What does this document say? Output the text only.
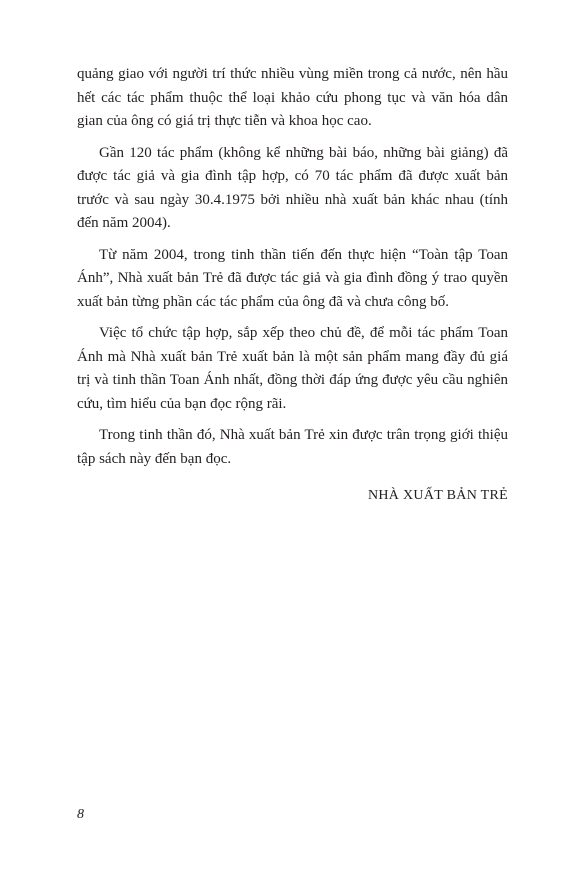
quảng giao với người trí thức nhiều vùng miền trong cả nước, nên hầu hết các tác phẩm thuộc thể loại khảo cứu phong tục và văn hóa dân gian của ông có giá trị thực tiễn và khoa học cao.

Gần 120 tác phẩm (không kể những bài báo, những bài giảng) đã được tác giả và gia đình tập hợp, có 70 tác phẩm đã được xuất bản trước và sau ngày 30.4.1975 bởi nhiều nhà xuất bản khác nhau (tính đến năm 2004).

Từ năm 2004, trong tinh thần tiến đến thực hiện “Toàn tập Toan Ánh”, Nhà xuất bản Trẻ đã được tác giả và gia đình đồng ý trao quyền xuất bản từng phần các tác phẩm của ông đã và chưa công bố.

Việc tổ chức tập hợp, sắp xếp theo chủ đề, để mỗi tác phẩm Toan Ánh mà Nhà xuất bản Trẻ xuất bản là một sản phẩm mang đầy đủ giá trị và tinh thần Toan Ánh nhất, đồng thời đáp ứng được yêu cầu nghiên cứu, tìm hiểu của bạn đọc rộng rãi.

Trong tinh thần đó, Nhà xuất bản Trẻ xin được trân trọng giới thiệu tập sách này đến bạn đọc.

NHÀ XUẤT BẢN TRẺ

8
